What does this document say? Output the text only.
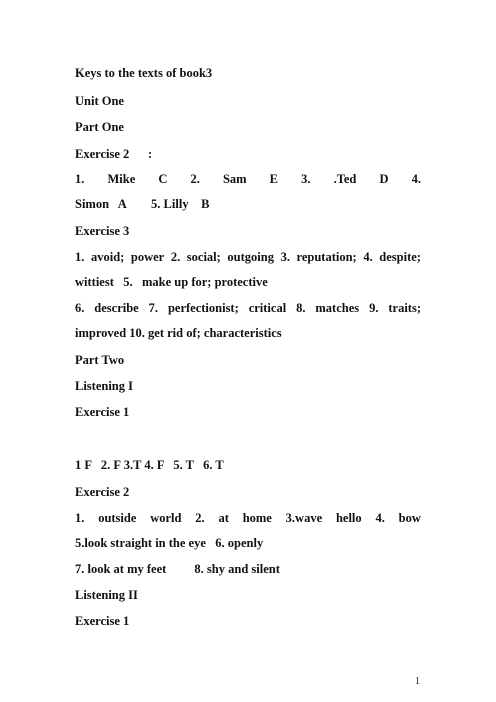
Keys to the texts of book3
Unit One
Part One
Exercise 2      :
1. Mike C 2. Sam E 3. .Ted D 4.
Simon   A        5. Lilly    B
Exercise 3
1. avoid; power 2. social; outgoing 3. reputation; 4. despite;
wittiest   5.   make up for; protective
6. describe 7. perfectionist; critical 8. matches 9. traits;
improved 10. get rid of; characteristics
Part Two
Listening I
Exercise 1
1 F   2. F 3.T 4. F   5. T   6. T
Exercise 2
1. outside world 2. at home 3.wave hello 4. bow
5.look straight in the eye   6. openly
7. look at my feet         8. shy and silent
Listening II
Exercise 1
1
